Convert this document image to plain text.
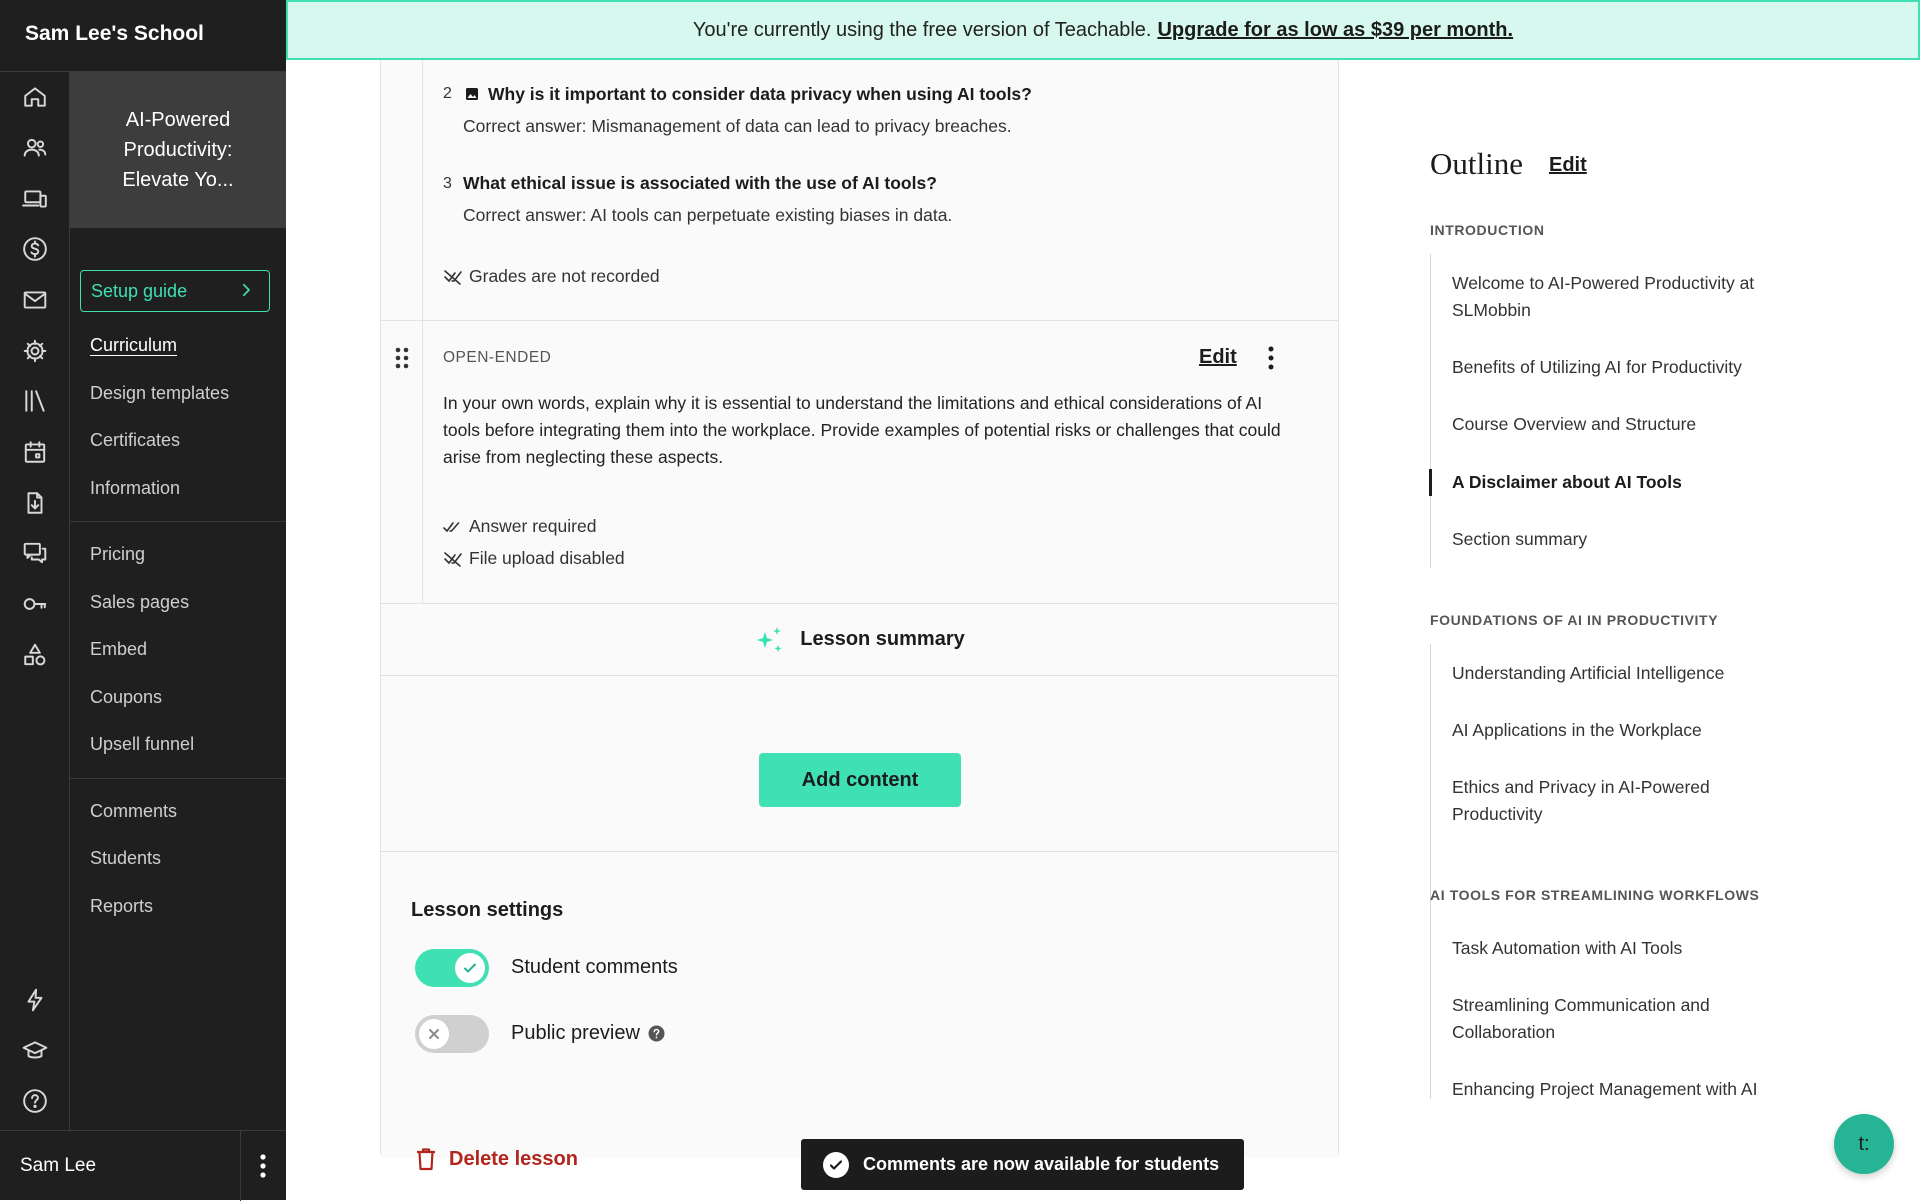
Sam Lee's School
AI-Powered Productivity: Elevate Yo...
Setup guide
Curriculum
Design templates
Certificates
Information
Pricing
Sales pages
Embed
Coupons
Upsell funnel
Comments
Students
Reports
Sam Lee
You're currently using the free version of Teachable. Upgrade for as low as $39 per month.
2 Why is it important to consider data privacy when using AI tools?
Correct answer: Mismanagement of data can lead to privacy breaches.
3 What ethical issue is associated with the use of AI tools?
Correct answer: AI tools can perpetuate existing biases in data.
Grades are not recorded
OPEN-ENDED	Edit
In your own words, explain why it is essential to understand the limitations and ethical considerations of AI tools before integrating them into the workplace. Provide examples of potential risks or challenges that could arise from neglecting these aspects.
Answer required
File upload disabled
Lesson summary
Add content
Lesson settings
Student comments
Public preview
Delete lesson
Outline Edit
INTRODUCTION
Welcome to AI-Powered Productivity at SLMobbin
Benefits of Utilizing AI for Productivity
Course Overview and Structure
A Disclaimer about AI Tools
Section summary
FOUNDATIONS OF AI IN PRODUCTIVITY
Understanding Artificial Intelligence
AI Applications in the Workplace
Ethics and Privacy in AI-Powered Productivity
AI TOOLS FOR STREAMLINING WORKFLOWS
Task Automation with AI Tools
Streamlining Communication and Collaboration
Enhancing Project Management with AI
Comments are now available for students
t:
